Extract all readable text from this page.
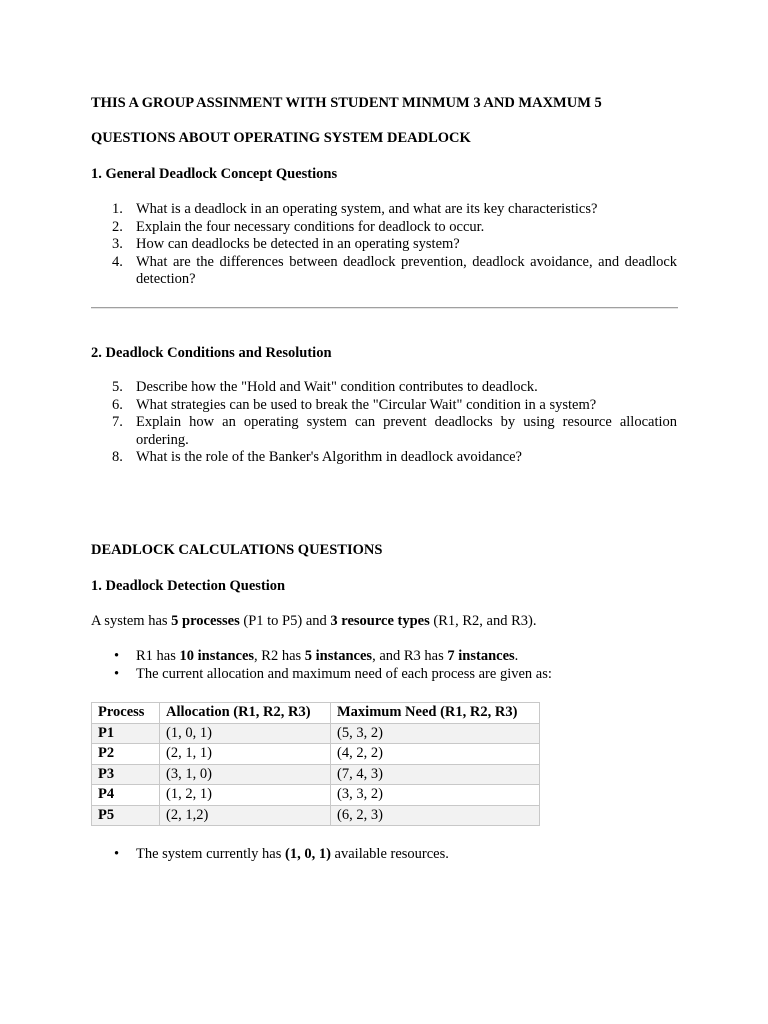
THIS A GROUP ASSINMENT WITH STUDENT MINMUM 3 AND MAXMUM 5
QUESTIONS ABOUT OPERATING SYSTEM DEADLOCK
1. General Deadlock Concept Questions
1. What is a deadlock in an operating system, and what are its key characteristics?
2. Explain the four necessary conditions for deadlock to occur.
3. How can deadlocks be detected in an operating system?
4. What are the differences between deadlock prevention, deadlock avoidance, and deadlock detection?
2. Deadlock Conditions and Resolution
5. Describe how the "Hold and Wait" condition contributes to deadlock.
6. What strategies can be used to break the "Circular Wait" condition in a system?
7. Explain how an operating system can prevent deadlocks by using resource allocation ordering.
8. What is the role of the Banker's Algorithm in deadlock avoidance?
DEADLOCK CALCULATIONS QUESTIONS
1. Deadlock Detection Question
A system has 5 processes (P1 to P5) and 3 resource types (R1, R2, and R3).
• R1 has 10 instances, R2 has 5 instances, and R3 has 7 instances.
• The current allocation and maximum need of each process are given as:
Process	Allocation (R1, R2, R3)	Maximum Need (R1, R2, R3)
P1	(1, 0, 1)	(5, 3, 2)
P2	(2, 1, 1)	(4, 2, 2)
P3	(3, 1, 0)	(7, 4, 3)
P4	(1, 2, 1)	(3, 3, 2)
P5	(2, 1,2)	(6, 2, 3)
• The system currently has (1, 0, 1) available resources.
